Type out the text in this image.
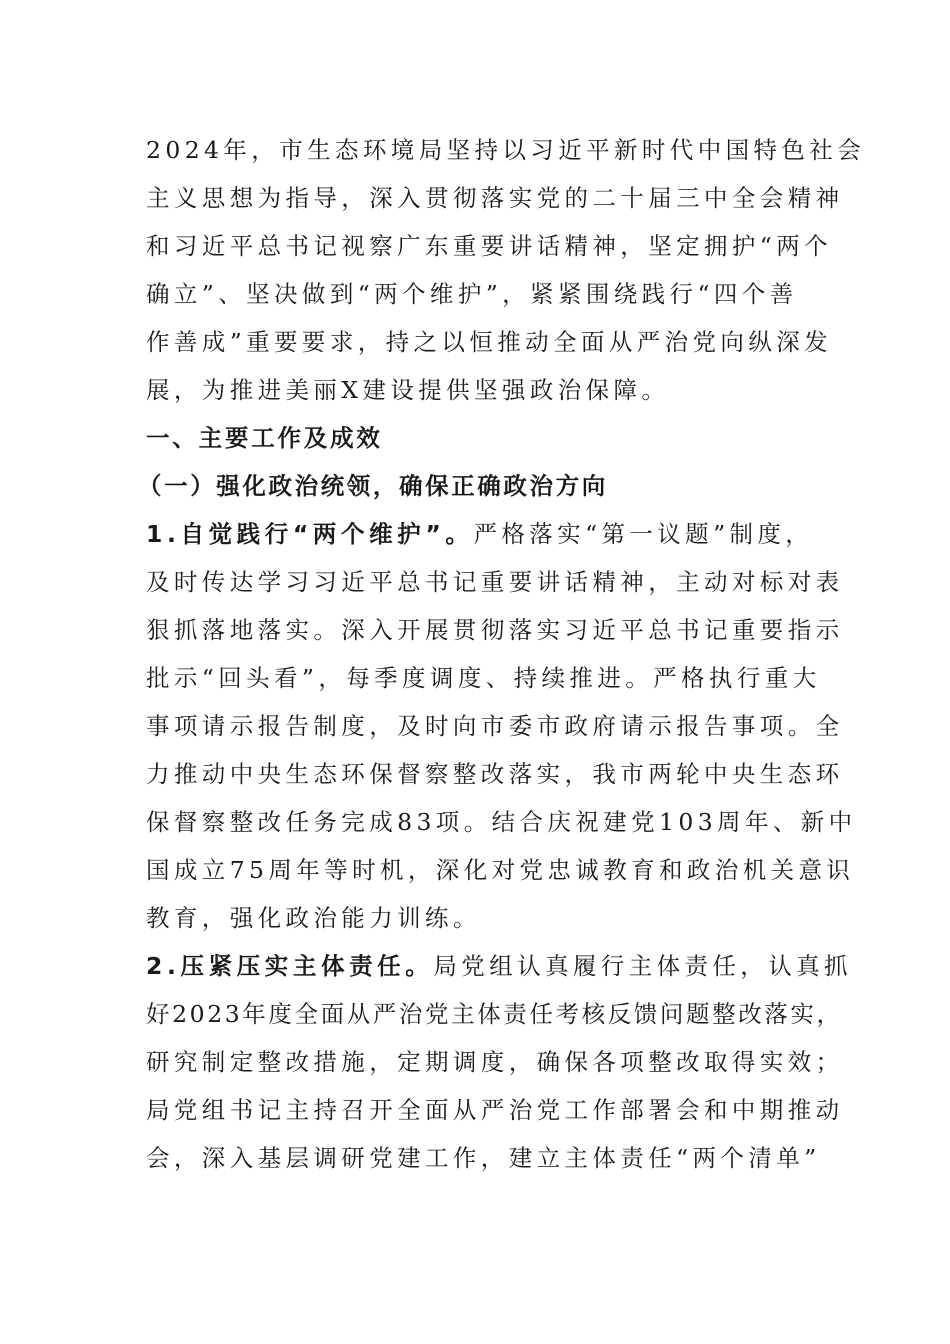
2024年，市生态环境局坚持以习近平新时代中国特色社会
主义思想为指导，深入贯彻落实党的二十届三中全会精神
和习近平总书记视察广东重要讲话精神，坚定拥护“两个
确立”、坚决做到“两个维护”，紧紧围绕践行“四个善
作善成”重要要求，持之以恒推动全面从严治党向纵深发
展，为推进美丽X建设提供坚强政治保障。
一、主要工作及成效
（一）强化政治统领，确保正确政治方向
1.自觉践行“两个维护”。严格落实“第一议题”制度，
及时传达学习习近平总书记重要讲话精神，主动对标对表
狠抓落地落实。深入开展贯彻落实习近平总书记重要指示
批示“回头看”，每季度调度、持续推进。严格执行重大
事项请示报告制度，及时向市委市政府请示报告事项。全
力推动中央生态环保督察整改落实，我市两轮中央生态环
保督察整改任务完成83项。结合庆祝建党103周年、新中
国成立75周年等时机，深化对党忠诚教育和政治机关意识
教育，强化政治能力训练。
2.压紧压实主体责任。局党组认真履行主体责任，认真抓
好2023年度全面从严治党主体责任考核反馈问题整改落实，
研究制定整改措施，定期调度，确保各项整改取得实效；
局党组书记主持召开全面从严治党工作部署会和中期推动
会，深入基层调研党建工作，建立主体责任“两个清单”
